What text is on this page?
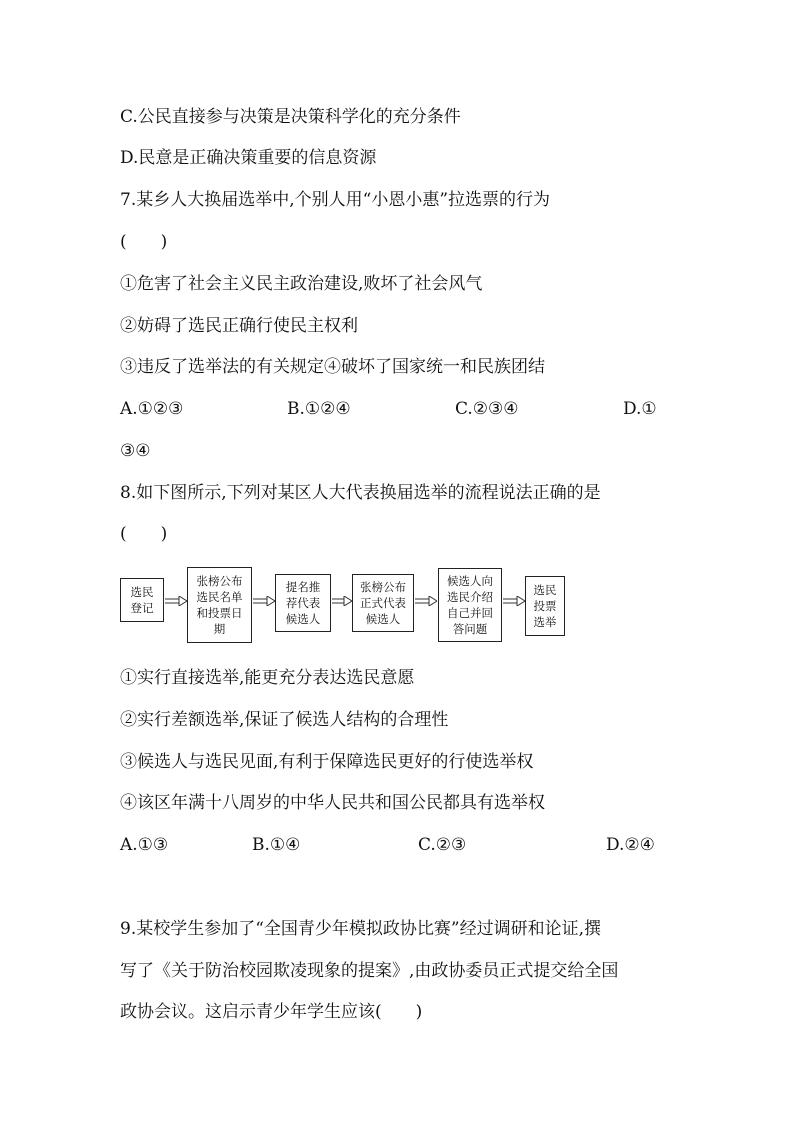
C.公民直接参与决策是决策科学化的充分条件
D.民意是正确决策重要的信息资源
7.某乡人大换届选举中,个别人用“小恩小惠”拉选票的行为
(　　)
①危害了社会主义民主政治建设,败坏了社会风气
②妨碍了选民正确行使民主权利
③违反了选举法的有关规定④破坏了国家统一和民族团结
A.①②③	B.①②④	C.②③④	D.①
③④
8.如下图所示,下列对某区人大代表换届选举的流程说法正确的是
(　　)
选民
登记
张榜公布
选民名单
和投票日
期
提名推
荐代表
候选人
张榜公布
正式代表
候选人
候选人向
选民介绍
自己并回
答问题
选民
投票
选举
①实行直接选举,能更充分表达选民意愿
②实行差额选举,保证了候选人结构的合理性
③候选人与选民见面,有利于保障选民更好的行使选举权
④该区年满十八周岁的中华人民共和国公民都具有选举权
A.①③	B.①④	C.②③	D.②④
9.某校学生参加了“全国青少年模拟政协比赛”经过调研和论证,撰
写了《关于防治校园欺凌现象的提案》,由政协委员正式提交给全国
政协会议。这启示青少年学生应该(　　)
